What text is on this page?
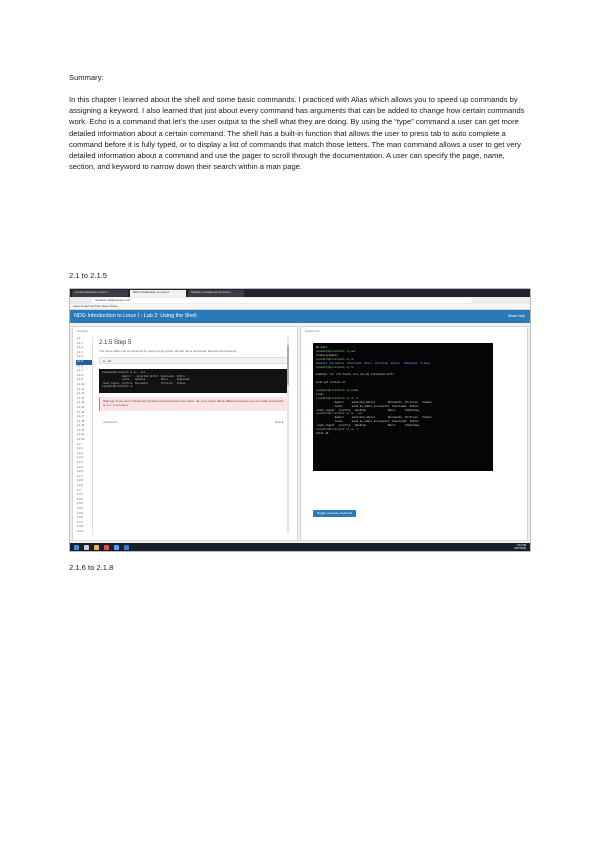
Summary:
In this chapter I learned about the shell and some basic commands. I practiced with Alias which allows you to speed up commands by assigning a keyword. I also learned that just about every command has arguments that can be added to change how certain commands work. Echo is a command that let’s the user output to the shell what they are doing. By using the “type” command a user can get more detailed information about a certain command. The shell has a built-in function that allows the user to press tab to auto complete a command before it is fully typed, or to display a list of commands that match those letters. The man command allows a user to get very detailed information about a command and use the pager to scroll through the documentation. A user can specify the page, name, section, and keyword to narrow down their search within a man page.
2.1 to 2.1.5
Course Modules: Linux I	NDG Introduction to Linux I	Module 1 Assignments Linux I
ncademi.netdevgroup.com
Apps Gmail YouTube Maps News
NDG Introduction to Linux I - Lab 2: Using the Shell	Share Help
Content
2.1
2.1.1
2.1.2
2.1.3
2.1.4
2.1.5
2.1.6
2.1.7
2.1.8
2.1.9
2.1.10
2.1.11
2.1.12
2.1.13
2.1.14
2.1.15
2.1.16
2.1.17
2.1.18
2.1.19
2.1.20
2.1.21
2.1.22
2.2
2.2.1
2.2.2
2.2.3
2.2.4
2.2.5
2.2.6
2.2.7
2.2.8
2.2.9
2.3
2.3.1
2.3.2
2.3.3
2.3.4
2.3.5
2.3.6
2.3.7
2.3.8
2.3.9
2.1.5 Step 5
The same effect can be achieved by using a long option -all with the ls command. Execute the following:
ls --all
sysadmin@localhost:~$ ls --all
.            .bashrc   .selected_editor  Downloads  Public
..           .cache    Desktop           Music      Templates
.bash_logout .profile  Documents         Pictures   Videos
sysadmin@localhost:~$
Warning: If you don't include two hyphens and instead use the option -all, your output will be different because you are really running the ls -a -l -l command.
◂ Previous	Next ▸
Ubuntu VC
No mail.
sysadmin@localhost:~$ pwd
/home/sysadmin
sysadmin@localhost:~$ ls
Desktop  Documents  Downloads  Music  Pictures  Public  Templates  Videos
sysadmin@localhost:~$ ls

Command 'ls' not found, but can be installed with:

sudo apt install sl

sysadmin@localhost:~$ uname
Linux
sysadmin@localhost:~$ ls -a
.          .bashrc    .selected_editor        Documents  Pictures   Videos
..         .cache     .sudo_as_admin_successful  Downloads  Public
.bash_logout  .profile   Desktop              Music      Templates
sysadmin@localhost:~$ ls  -all
.          .bashrc    .selected_editor        Documents  Pictures   Videos
..         .cache     .sudo_as_admin_successful  Downloads  Public
.bash_logout  .profile   Desktop              Music      Templates
sysadmin@localhost:~$ ls -l
total 32
Toggle onscreen keyboard
7:03 AM
8/27/2020
2.1.6 to 2.1.8
